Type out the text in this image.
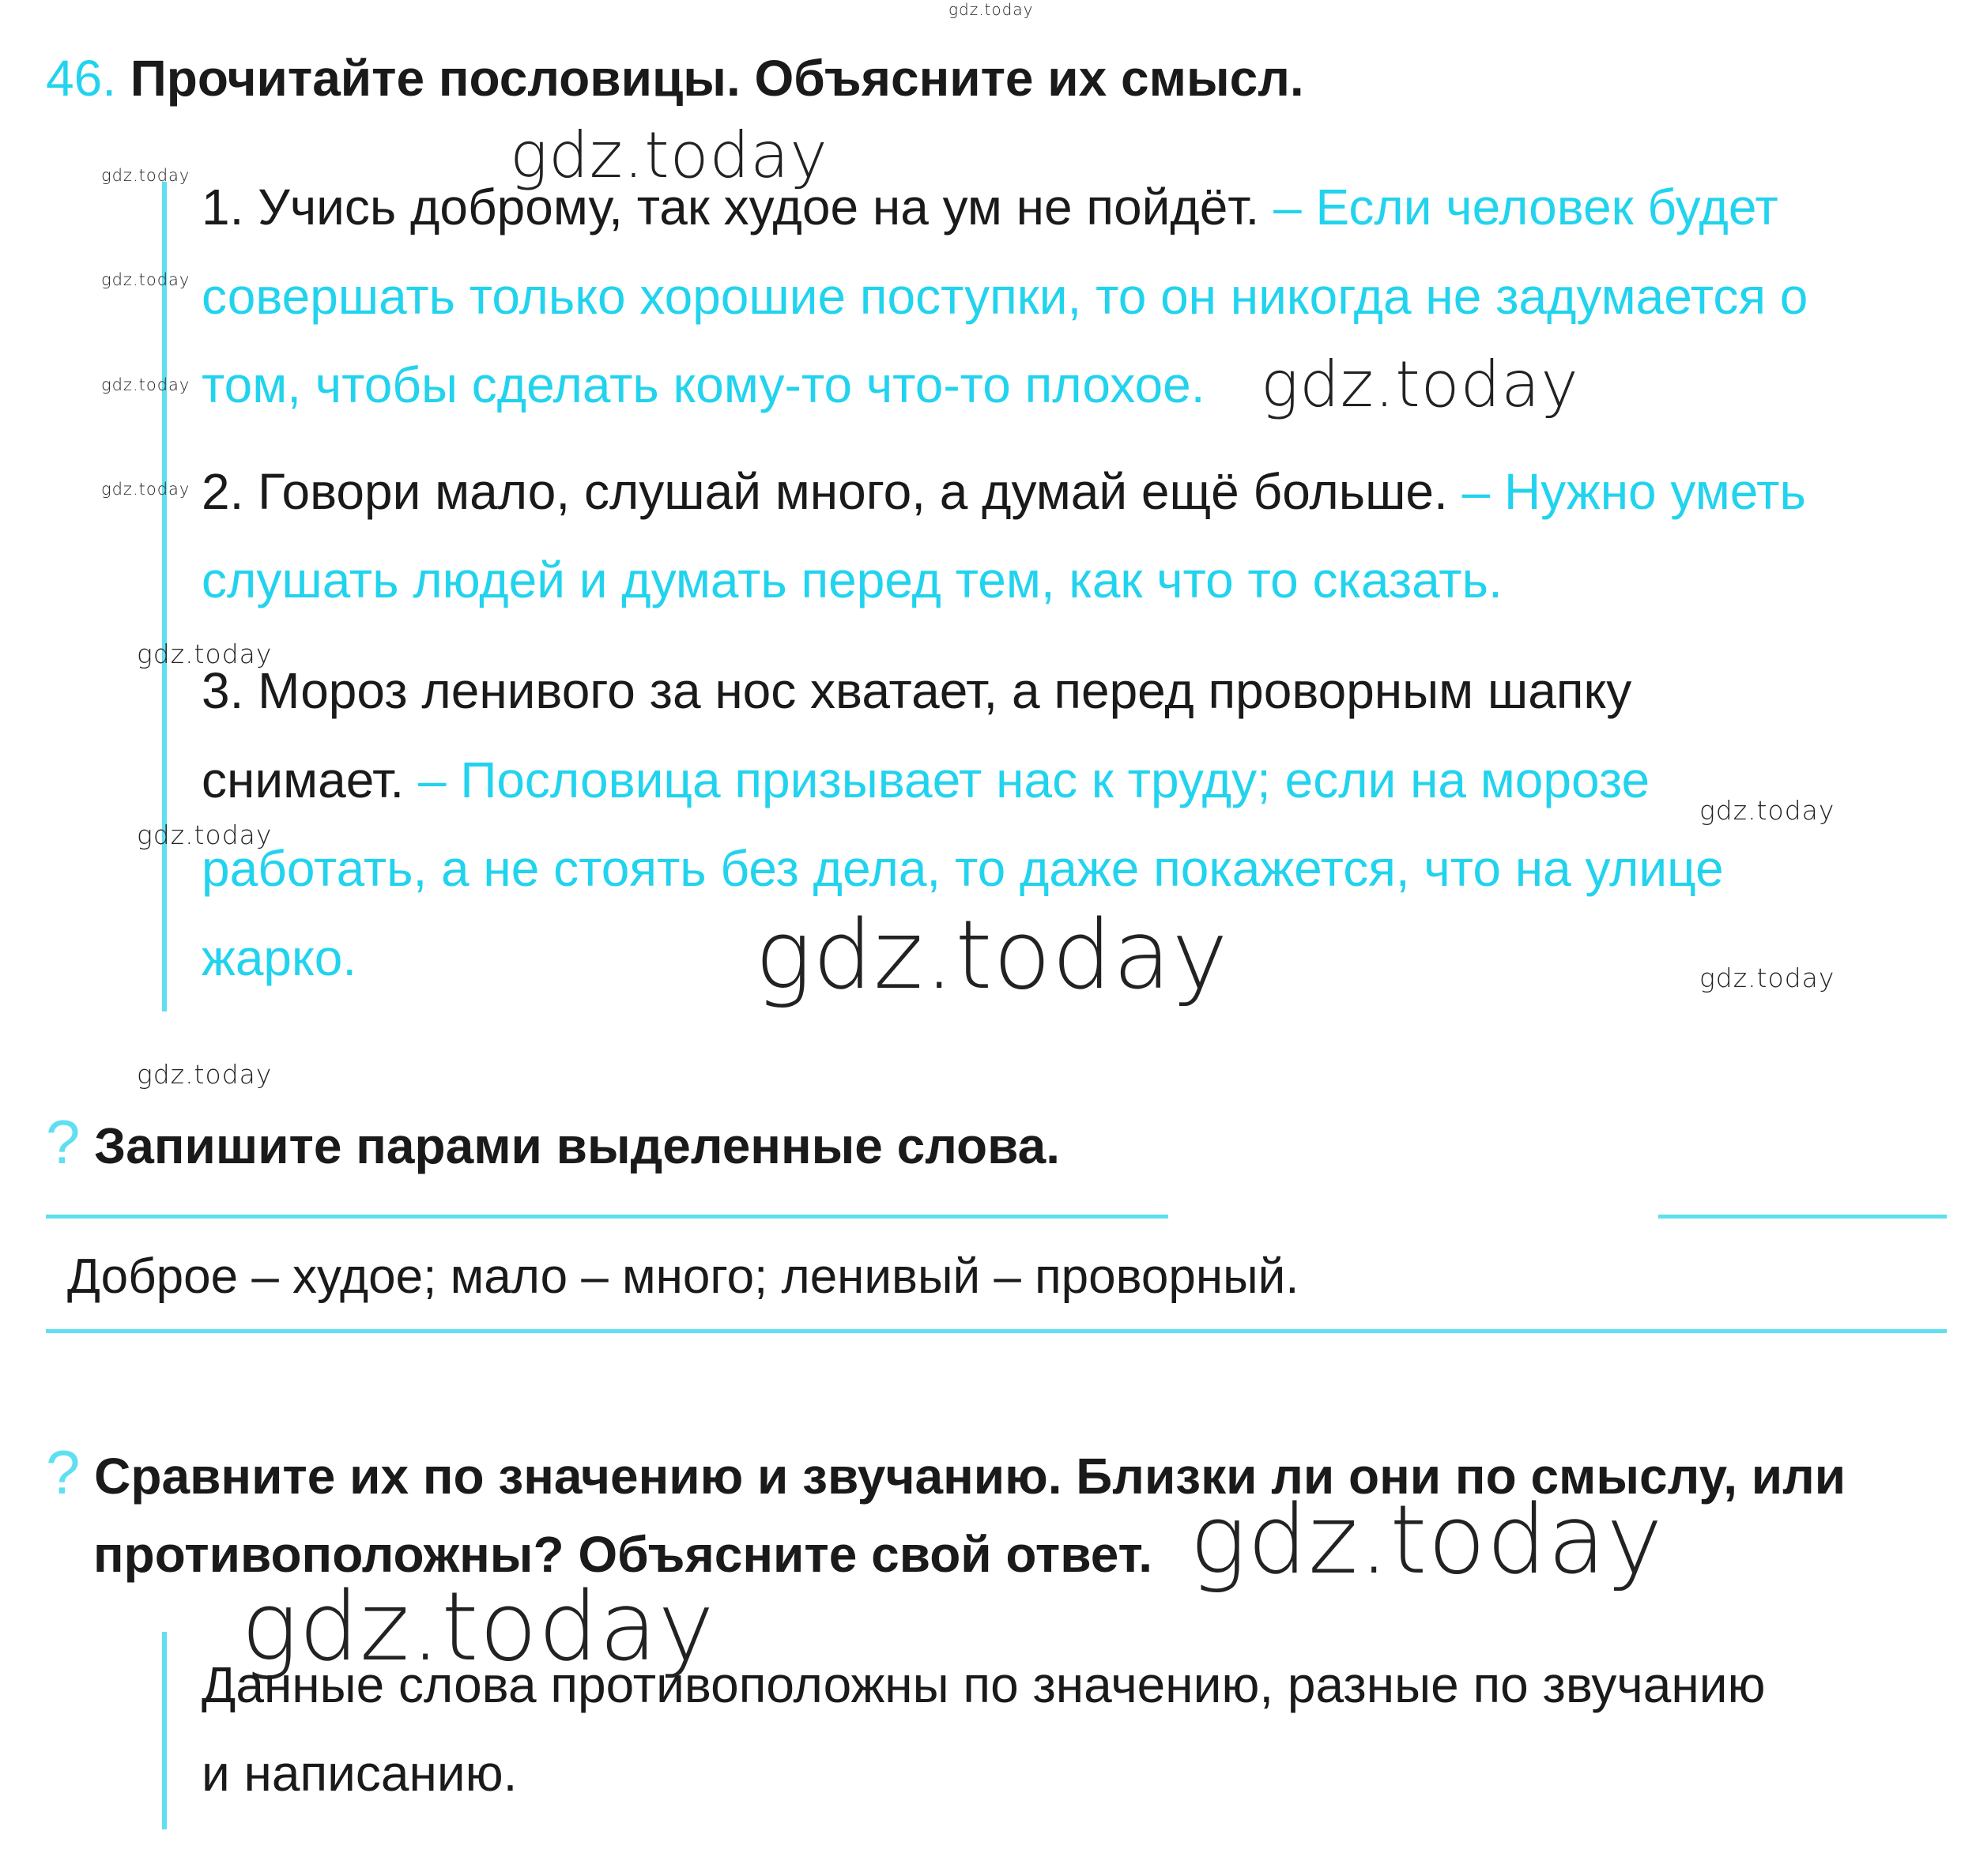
gdz.today
46. Прочитайте пословицы. Объясните их смысл.
gdz.today
gdz.today
gdz.today
gdz.today
gdz.today
1. Учись доброму, так худое на ум не пойдёт. – Если человек будет
совершать только хорошие поступки, то он никогда не задумается о
том, чтобы сделать кому-то что-то плохое. gdz.today
2. Говори мало, слушай много, а думай ещё больше. – Нужно уметь
слушать людей и думать перед тем, как что то сказать.
gdz.today
3. Мороз ленивого за нос хватает, а перед проворным шапку
снимает. – Пословица призывает нас к труду; если на морозе
gdz.today
gdz.today
работать, а не стоять без дела, то даже покажется, что на улице
жарко.	gdz.today	gdz.today
gdz.today
? Запишите парами выделенные слова.
Доброе – худое; мало – много; ленивый – проворный.
? Сравните их по значению и звучанию. Близки ли они по смыслу, или
противоположны? Объясните свой ответ. gdz.today
gdz.today
Данные слова противоположны по значению, разные по звучанию
и написанию.
